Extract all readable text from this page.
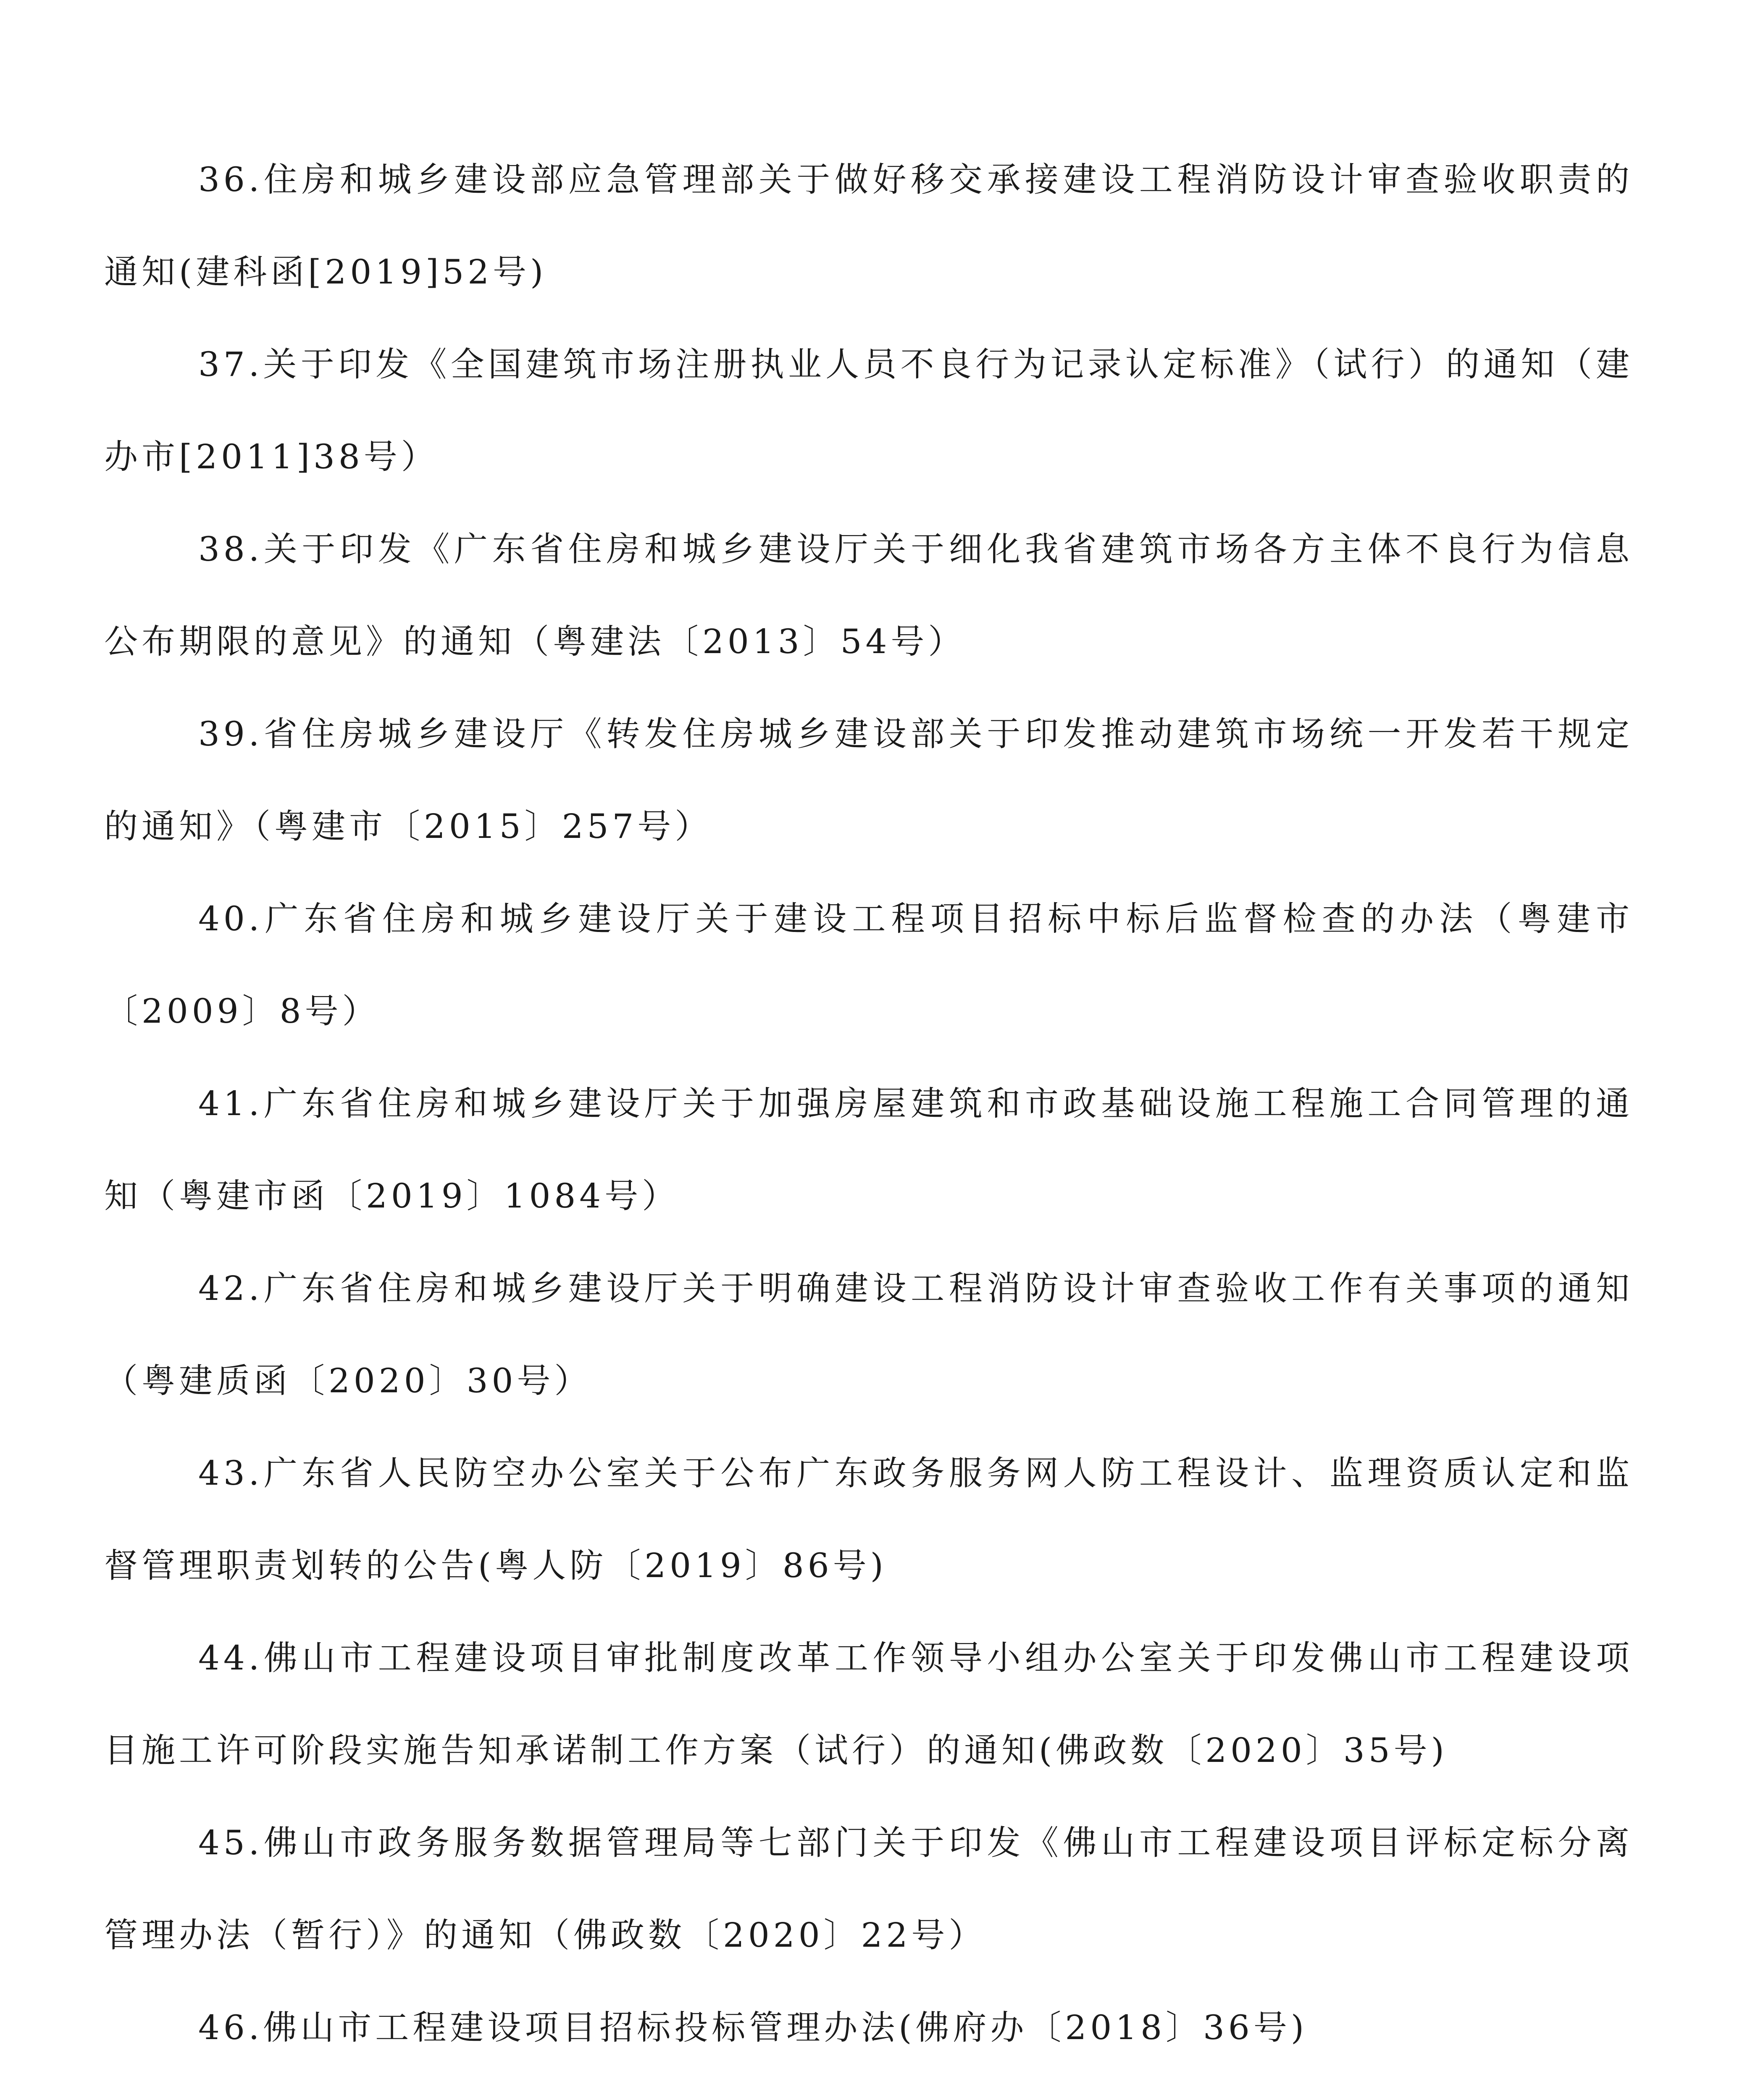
36.住房和城乡建设部应急管理部关于做好移交承接建设工程消防设计审查验收职责的通知(建科函[2019]52号)

37.关于印发《全国建筑市场注册执业人员不良行为记录认定标准》（试行）的通知（建办市[2011]38号）

38.关于印发《广东省住房和城乡建设厅关于细化我省建筑市场各方主体不良行为信息公布期限的意见》的通知（粤建法〔2013〕54号）

39.省住房城乡建设厅《转发住房城乡建设部关于印发推动建筑市场统一开发若干规定的通知》（粤建市〔2015〕257号）

40.广东省住房和城乡建设厅关于建设工程项目招标中标后监督检查的办法（粤建市〔2009〕8号）

41.广东省住房和城乡建设厅关于加强房屋建筑和市政基础设施工程施工合同管理的通知（粤建市函〔2019〕1084号）

42.广东省住房和城乡建设厅关于明确建设工程消防设计审查验收工作有关事项的通知（粤建质函〔2020〕30号）

43.广东省人民防空办公室关于公布广东政务服务网人防工程设计、监理资质认定和监督管理职责划转的公告(粤人防〔2019〕86号)

44.佛山市工程建设项目审批制度改革工作领导小组办公室关于印发佛山市工程建设项目施工许可阶段实施告知承诺制工作方案（试行）的通知(佛政数〔2020〕35号)

45.佛山市政务服务数据管理局等七部门关于印发《佛山市工程建设项目评标定标分离管理办法（暂行）》的通知（佛政数〔2020〕22号）

46.佛山市工程建设项目招标投标管理办法(佛府办〔2018〕36号)
